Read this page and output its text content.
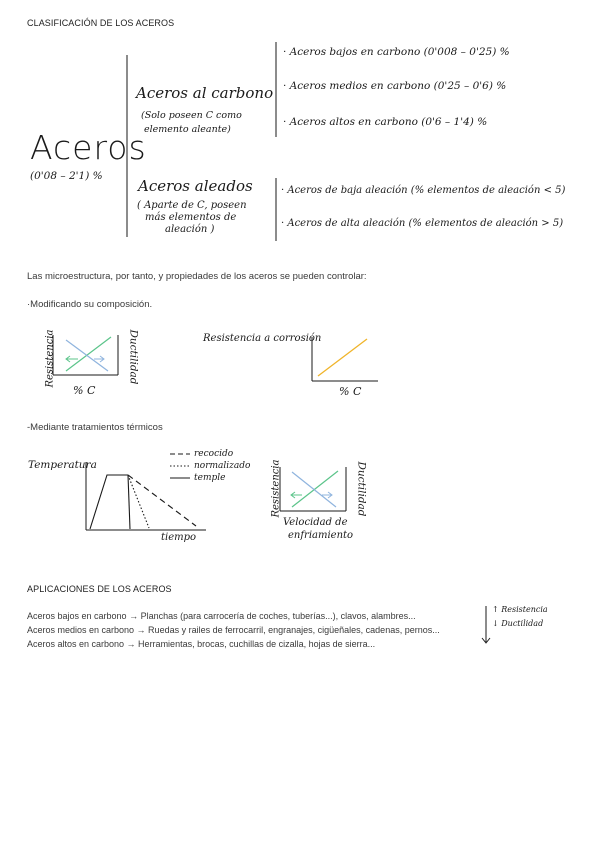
CLASIFICACIÓN DE LOS ACEROS
Aceros
(0'08 – 2'1) %
Aceros al carbono
(Solo poseen C como
elemento aleante)
· Aceros bajos en carbono (0'008 – 0'25) %
· Aceros medios en carbono (0'25 – 0'6) %
· Aceros altos en carbono (0'6 – 1'4) %
Aceros aleados
( Aparte de C, poseen
más elementos de
aleación )
· Aceros de baja aleación (% elementos de aleación < 5)
· Aceros de alta aleación (% elementos de aleación > 5)
Las microestructura, por tanto, y propiedades de los aceros se pueden controlar:
·Modificando su composición.
Resistencia	Ductilidad
% C
Resistencia a corrosión
% C
-Mediante tratamientos térmicos
Temperatura
tiempo
recocido
normalizado
temple	Resistencia	Ductilidad
Velocidad de
enfriamiento
APLICACIONES DE LOS ACEROS
Aceros bajos en carbono → Planchas (para carrocería de coches, tuberías...), clavos, alambres...
Aceros medios en carbono → Ruedas y railes de ferrocarril, engranajes, cigüeñales, cadenas, pernos...
Aceros altos en carbono → Herramientas, brocas, cuchillas de cizalla, hojas de sierra...
↑ Resistencia
↓ Ductilidad
